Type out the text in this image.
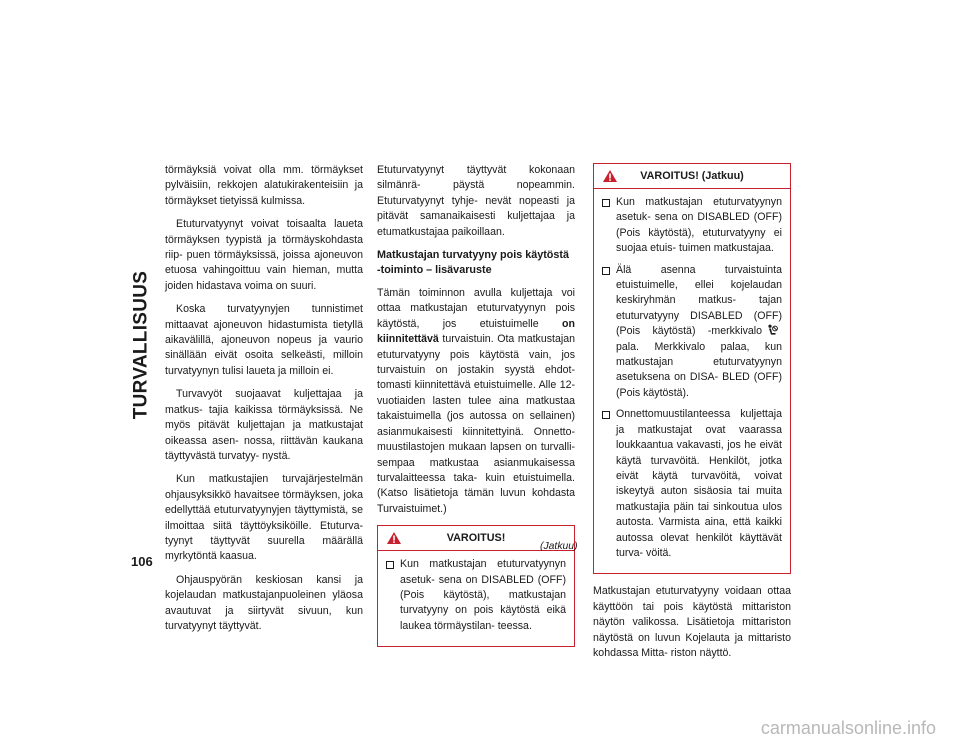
TURVALLISUUS
106

törmäyksiä voivat olla mm. törmäykset pylväisiin, rekkojen alatukirakenteisiin ja törmäykset tietyissä kulmissa.

Etuturvatyynyt voivat toisaalta laueta törmäyksen tyypistä ja törmäyskohdasta riip- puen törmäyksissä, joissa ajoneuvon etuosa vahingoittuu vain hieman, mutta joiden hidastava voima on suuri.

Koska turvatyynyjen tunnistimet mittaavat ajoneuvon hidastumista tietyllä aikavälillä, ajoneuvon nopeus ja vaurio sinällään eivät osoita selkeästi, milloin turvatyynyn tulisi laueta ja milloin ei.

Turvavyöt suojaavat kuljettajaa ja matkus- tajia kaikissa törmäyksissä. Ne myös pitävät kuljettajan ja matkustajat oikeassa asen- nossa, riittävän kaukana täyttyvästä turvatyy- nystä.

Kun matkustajien turvajärjestelmän ohjausyksikkö havaitsee törmäyksen, joka edellyttää etuturvatyynyjen täyttymistä, se ilmoittaa siitä täyttöyksiköille. Etuturva- tyynyt täyttyvät suurella määrällä myrkytöntä kaasua.

Ohjauspyörän keskiosan kansi ja kojelaudan matkustajanpuoleinen yläosa avautuvat ja siirtyvät sivuun, kun turvatyynyt täyttyvät.

Etuturvatyynyt täyttyvät kokonaan silmänrä- päystä nopeammin. Etuturvatyynyt tyhje- nevät nopeasti ja pitävät samanaikaisesti kuljettajaa ja etumatkustajaa paikoillaan.

Matkustajan turvatyyny pois käytöstä
-toiminto – lisävaruste

Tämän toiminnon avulla kuljettaja voi ottaa matkustajan etuturvatyynyn pois käytöstä, jos etuistuimelle on kiinnitettävä turvaistuin. Ota matkustajan etuturvatyyny pois käytöstä vain, jos turvaistuin on jostakin syystä ehdot- tomasti kiinnitettävä etuistuimelle. Alle 12-vuotiaiden lasten tulee aina matkustaa takaistuimella (jos autossa on sellainen) asianmukaisesti kiinnitettyinä. Onnetto- muustilastojen mukaan lapsen on turvalli- sempaa matkustaa asianmukaisessa turvalaitteessa taka- kuin etuistuimella. (Katso lisätietoja tämän luvun kohdasta Turvaistuimet.)

VAROITUS!
Kun matkustajan etuturvatyynyn asetuk- sena on DISABLED (OFF) (Pois käytöstä), matkustajan turvatyyny on pois käytöstä eikä laukea törmäystilan- teessa.
(Jatkuu)
VAROITUS! (Jatkuu)
Kun matkustajan etuturvatyynyn asetuk- sena on DISABLED (OFF) (Pois käytöstä), etuturvatyyny ei suojaa etuis- tuimen matkustajaa.
Älä asenna turvaistuinta etuistuimelle, ellei kojelaudan keskiryhmän matkus- tajan etuturvatyyny DISABLED (OFF) (Pois käytöstä) -merkkivalopala. Merkkivalo palaa, kun matkustajan etuturvatyynyn asetuksena on DISA- BLED (OFF) (Pois käytöstä).
Onnettomuustilanteessa kuljettaja ja matkustajat ovat vaarassa loukkaantua vakavasti, jos he eivät käytä turvavöitä. Henkilöt, jotka eivät käytä turvavöitä, voivat iskeytyä auton sisäosia tai muita matkustajia päin tai sinkoutua ulos autosta. Varmista aina, että kaikki autossa olevat henkilöt käyttävät turva- vöitä.

Matkustajan etuturvatyyny voidaan ottaa käyttöön tai pois käytöstä mittariston näytön valikossa. Lisätietoja mittariston näytöstä on luvun Kojelauta ja mittaristo kohdassa Mitta- riston näyttö.

carmanualsonline.info
